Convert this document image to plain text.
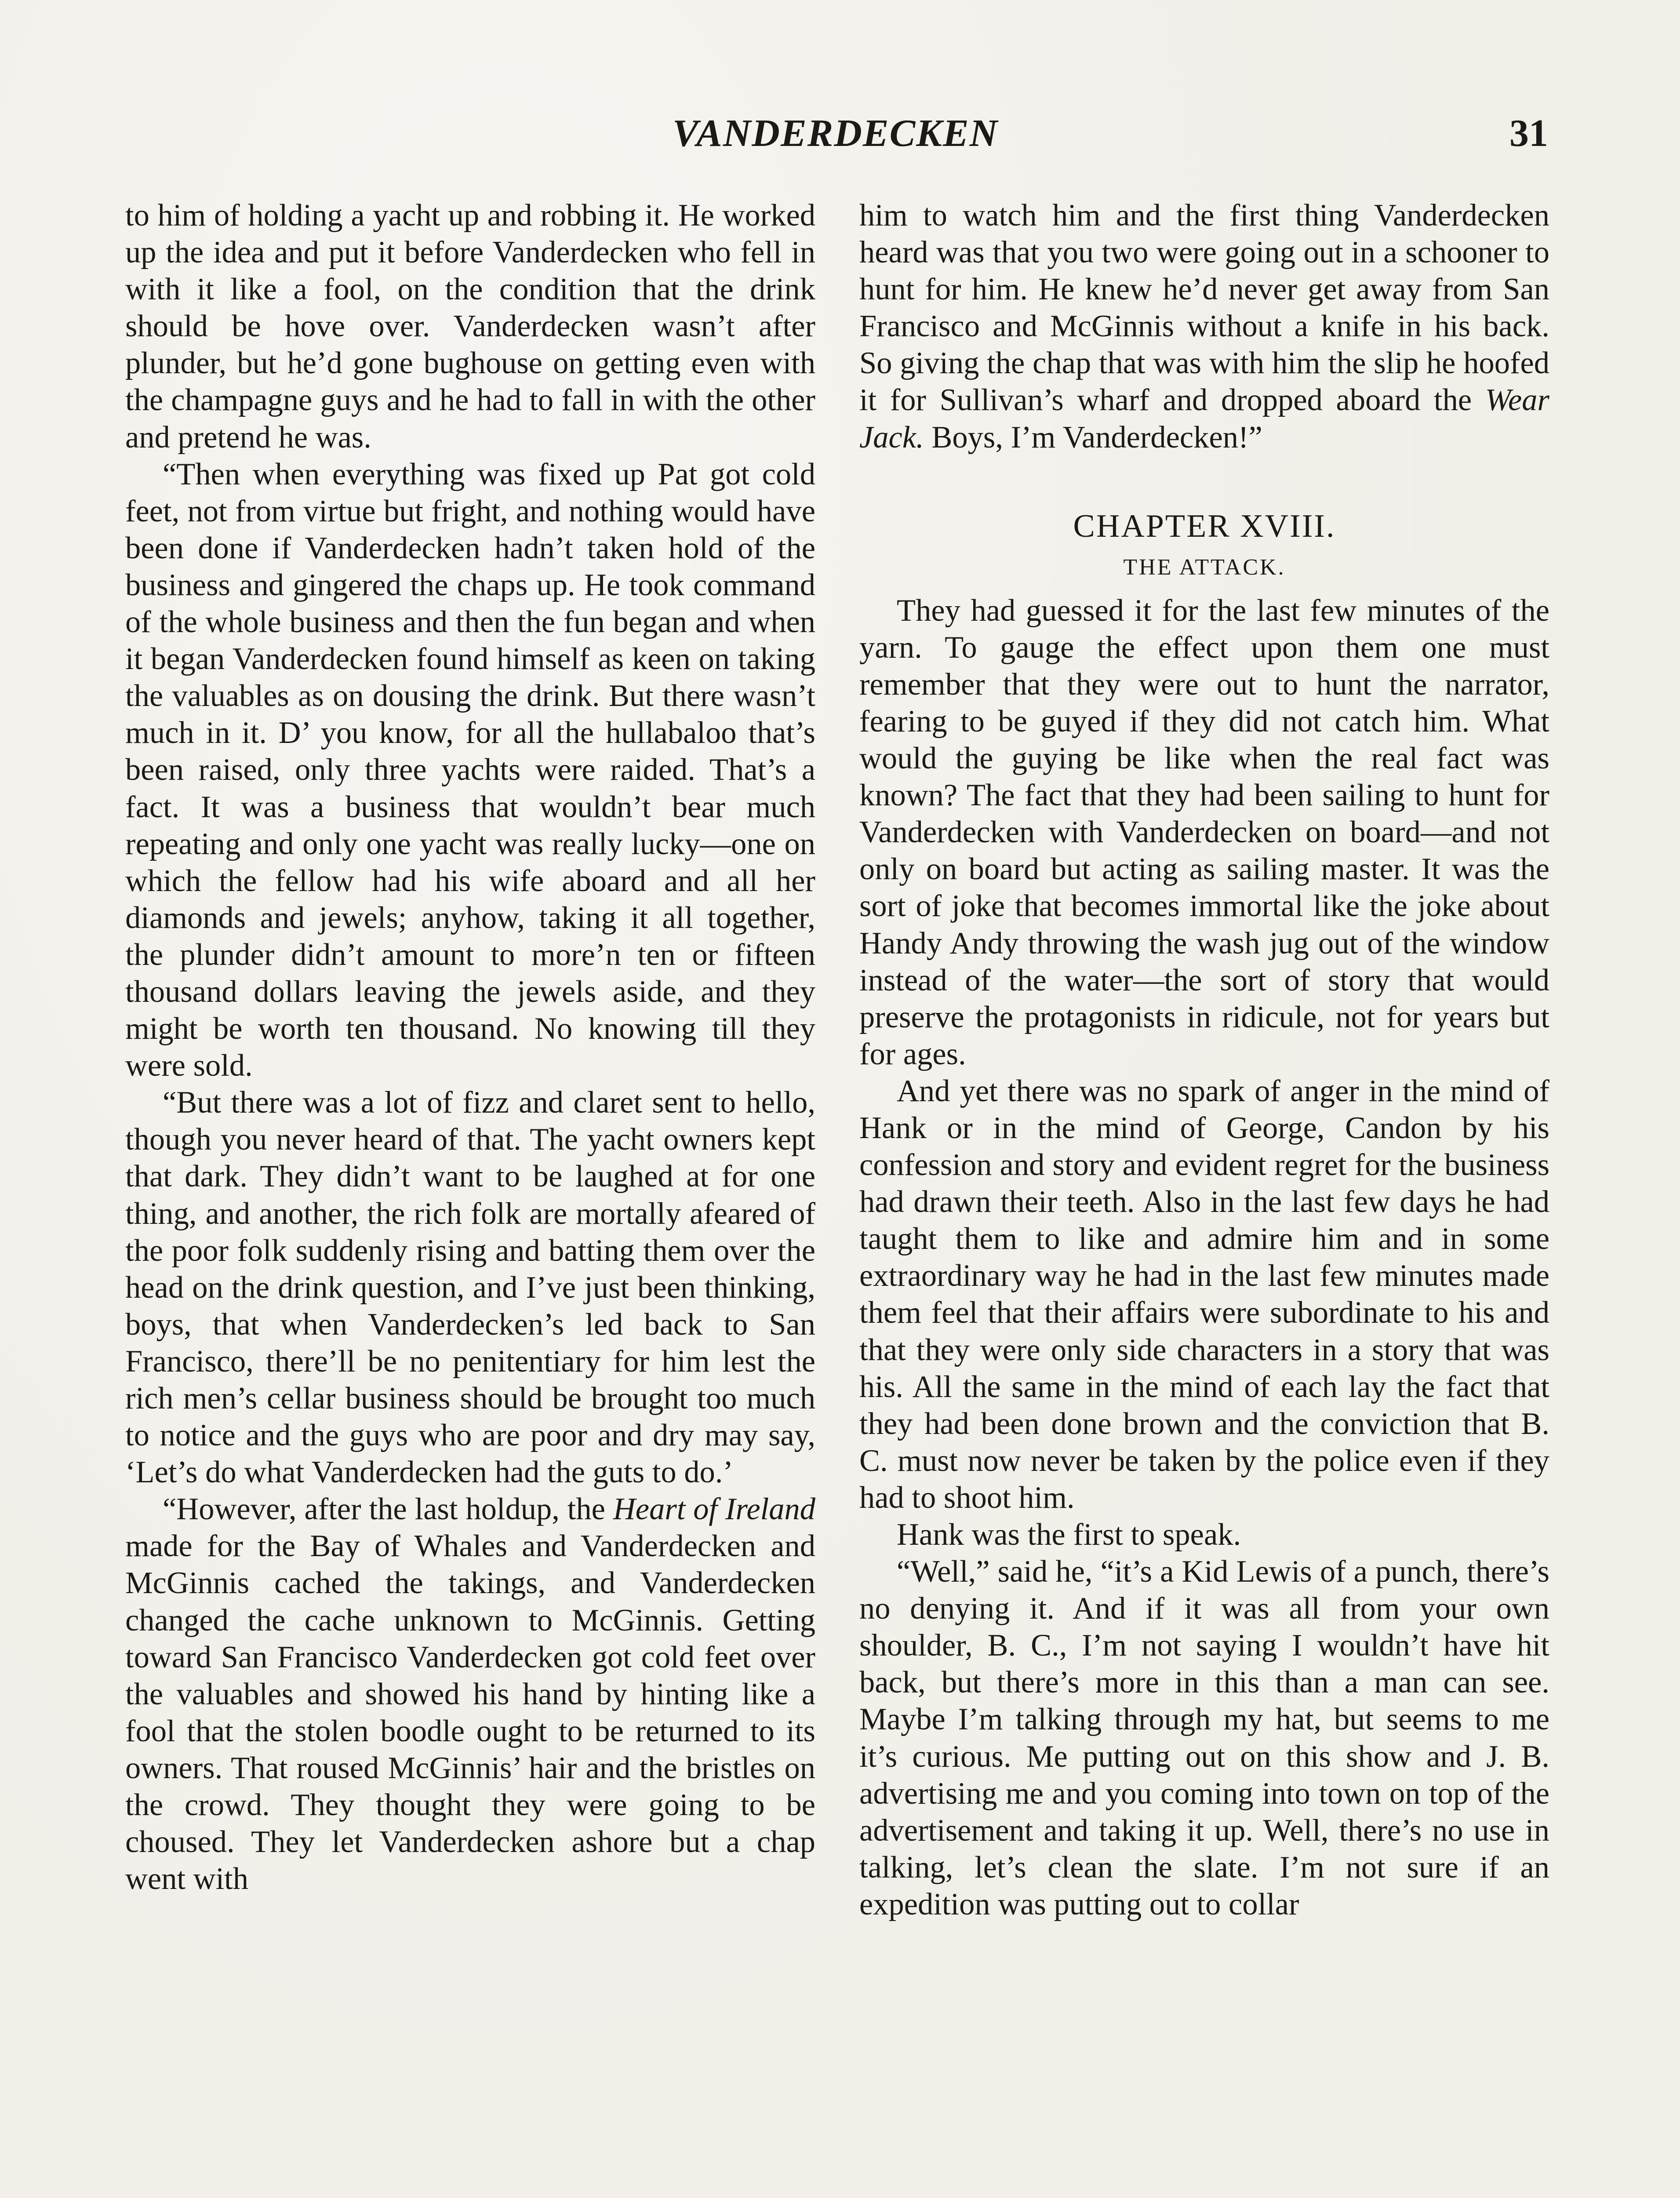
VANDERDECKEN	31

to him of holding a yacht up and robbing it. He worked up the idea and put it before Vanderdecken who fell in with it like a fool, on the condition that the drink should be hove over. Vanderdecken wasn’t after plunder, but he’d gone bughouse on getting even with the champagne guys and he had to fall in with the other and pretend he was.

“Then when everything was fixed up Pat got cold feet, not from virtue but fright, and nothing would have been done if Vanderdecken hadn’t taken hold of the business and gingered the chaps up. He took command of the whole business and then the fun began and when it began Vanderdecken found himself as keen on taking the valuables as on dousing the drink. But there wasn’t much in it. D’ you know, for all the hullabaloo that’s been raised, only three yachts were raided. That’s a fact. It was a business that wouldn’t bear much repeating and only one yacht was really lucky—one on which the fellow had his wife aboard and all her diamonds and jewels; anyhow, taking it all together, the plunder didn’t amount to more’n ten or fifteen thousand dollars leaving the jewels aside, and they might be worth ten thousand. No knowing till they were sold.

“But there was a lot of fizz and claret sent to hello, though you never heard of that. The yacht owners kept that dark. They didn’t want to be laughed at for one thing, and another, the rich folk are mortally afeared of the poor folk suddenly rising and batting them over the head on the drink question, and I’ve just been thinking, boys, that when Vanderdecken’s led back to San Francisco, there’ll be no penitentiary for him lest the rich men’s cellar business should be brought too much to notice and the guys who are poor and dry may say, ‘Let’s do what Vanderdecken had the guts to do.’

“However, after the last holdup, the Heart of Ireland made for the Bay of Whales and Vanderdecken and McGinnis cached the takings, and Vanderdecken changed the cache unknown to McGinnis. Getting toward San Francisco Vanderdecken got cold feet over the valuables and showed his hand by hinting like a fool that the stolen boodle ought to be returned to its owners. That roused McGinnis’ hair and the bristles on the crowd. They thought they were going to be choused. They let Vanderdecken ashore but a chap went with

him to watch him and the first thing Vanderdecken heard was that you two were going out in a schooner to hunt for him. He knew he’d never get away from San Francisco and McGinnis without a knife in his back. So giving the chap that was with him the slip he hoofed it for Sullivan’s wharf and dropped aboard the Wear Jack. Boys, I’m Vanderdecken!”

CHAPTER XVIII.
THE ATTACK.

They had guessed it for the last few minutes of the yarn. To gauge the effect upon them one must remember that they were out to hunt the narrator, fearing to be guyed if they did not catch him. What would the guying be like when the real fact was known? The fact that they had been sailing to hunt for Vanderdecken with Vanderdecken on board—and not only on board but acting as sailing master. It was the sort of joke that becomes immortal like the joke about Handy Andy throwing the wash jug out of the window instead of the water—the sort of story that would preserve the protagonists in ridicule, not for years but for ages.

And yet there was no spark of anger in the mind of Hank or in the mind of George, Candon by his confession and story and evident regret for the business had drawn their teeth. Also in the last few days he had taught them to like and admire him and in some extraordinary way he had in the last few minutes made them feel that their affairs were subordinate to his and that they were only side characters in a story that was his. All the same in the mind of each lay the fact that they had been done brown and the conviction that B. C. must now never be taken by the police even if they had to shoot him.

Hank was the first to speak.

“Well,” said he, “it’s a Kid Lewis of a punch, there’s no denying it. And if it was all from your own shoulder, B. C., I’m not saying I wouldn’t have hit back, but there’s more in this than a man can see. Maybe I’m talking through my hat, but seems to me it’s curious. Me putting out on this show and J. B. advertising me and you coming into town on top of the advertisement and taking it up. Well, there’s no use in talking, let’s clean the slate. I’m not sure if an expedition was putting out to collar
